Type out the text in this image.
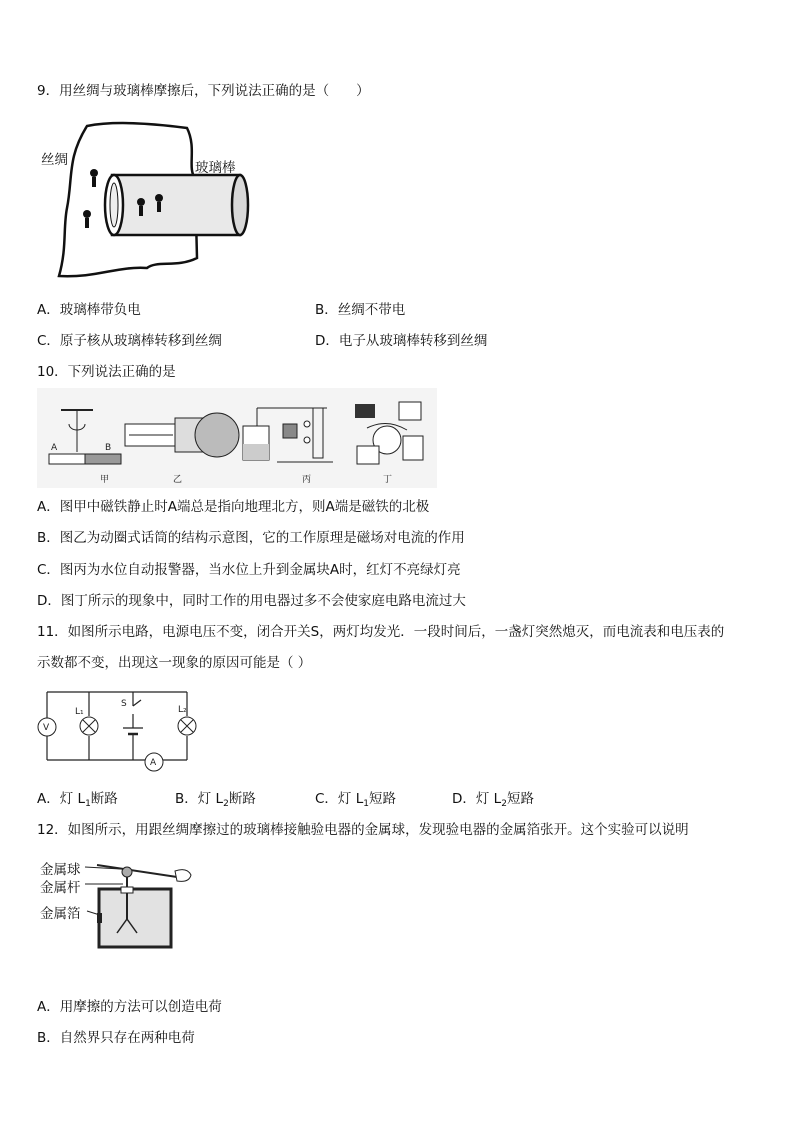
9．用丝绸与玻璃棒摩擦后，下列说法正确的是（　　）
丝绸	玻璃棒
A．玻璃棒带负电	B．丝绸不带电
C．原子核从玻璃棒转移到丝绸	D．电子从玻璃棒转移到丝绸
10．下列说法正确的是
A	B
甲	乙	丙	丁
A．图甲中磁铁静止时A端总是指向地理北方，则A端是磁铁的北极
B．图乙为动圈式话筒的结构示意图，它的工作原理是磁场对电流的作用
C．图丙为水位自动报警器，当水位上升到金属块A时，红灯不亮绿灯亮
D．图丁所示的现象中，同时工作的用电器过多不会使家庭电路电流过大
11．如图所示电路，电源电压不变，闭合开关S，两灯均发光．一段时间后，一盏灯突然熄灭，而电流表和电压表的
示数都不变，出现这一现象的原因可能是（ ）
V
L₁
S
L₂
A
A．灯 $L_1$断路	B．灯 $L_2$断路	C．灯 $L_1$短路	D．灯 $L_2$短路
12．如图所示，用跟丝绸摩擦过的玻璃棒接触验电器的金属球，发现验电器的金属箔张开。这个实验可以说明
金属球
金属杆
金属箔
A．用摩擦的方法可以创造电荷
B．自然界只存在两种电荷
